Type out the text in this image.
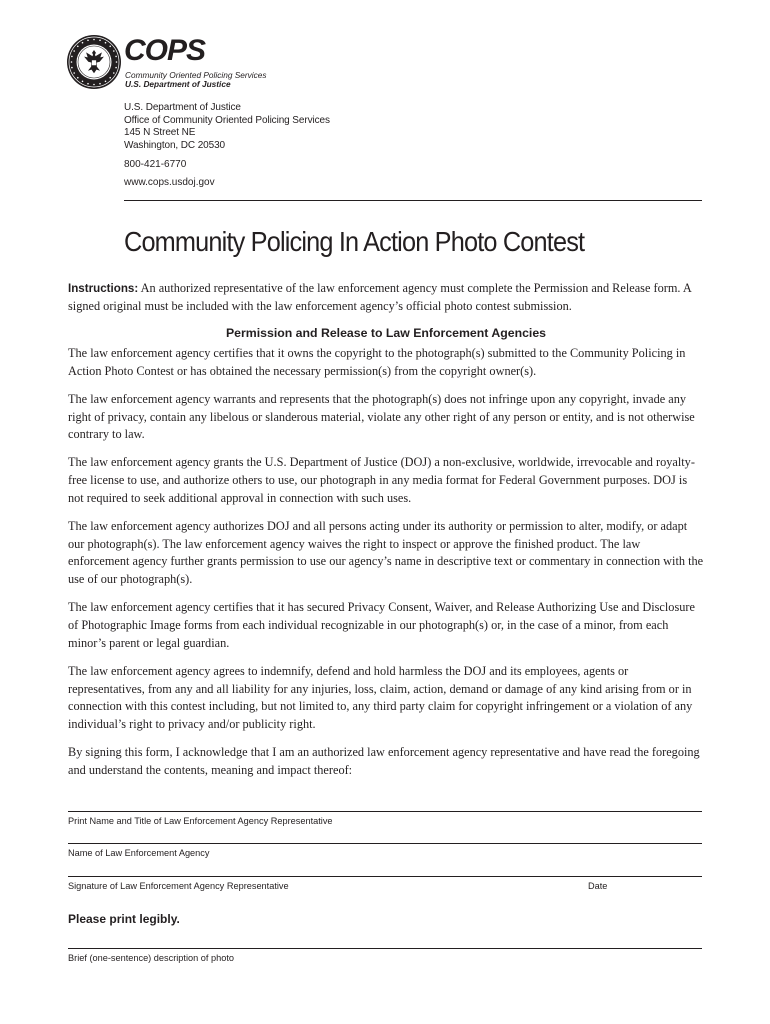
COPS
Community Oriented Policing Services
U.S. Department of Justice
U.S. Department of Justice
Office of Community Oriented Policing Services
145 N Street NE
Washington, DC 20530
800-421-6770
www.cops.usdoj.gov
Community Policing In Action Photo Contest

Instructions: An authorized representative of the law enforcement agency must complete the Permission and Release form. A signed original must be included with the law enforcement agency’s official photo contest submission.

Permission and Release to Law Enforcement Agencies

The law enforcement agency certifies that it owns the copyright to the photograph(s) submitted to the Community Policing in Action Photo Contest or has obtained the necessary permission(s) from the copyright owner(s).

The law enforcement agency warrants and represents that the photograph(s) does not infringe upon any copyright, invade any right of privacy, contain any libelous or slanderous material, violate any other right of any person or entity, and is not otherwise contrary to law.

The law enforcement agency grants the U.S. Department of Justice (DOJ) a non-exclusive, worldwide, irrevocable and royalty-free license to use, and authorize others to use, our photograph in any media format for Federal Government purposes. DOJ is not required to seek additional approval in connection with such uses.

The law enforcement agency authorizes DOJ and all persons acting under its authority or permission to alter, modify, or adapt our photograph(s). The law enforcement agency waives the right to inspect or approve the finished product. The law enforcement agency further grants permission to use our agency’s name in descriptive text or commentary in connection with the use of our photograph(s).

The law enforcement agency certifies that it has secured Privacy Consent, Waiver, and Release Authorizing Use and Disclosure of Photographic Image forms from each individual recognizable in our photograph(s) or, in the case of a minor, from each minor’s parent or legal guardian.

The law enforcement agency agrees to indemnify, defend and hold harmless the DOJ and its employees, agents or representatives, from any and all liability for any injuries, loss, claim, action, demand or damage of any kind arising from or in connection with this contest including, but not limited to, any third party claim for copyright infringement or a violation of any individual’s right to privacy and/or publicity right.

By signing this form, I acknowledge that I am an authorized law enforcement agency representative and have read the foregoing and understand the contents, meaning and impact thereof:

Print Name and Title of Law Enforcement Agency Representative
Name of Law Enforcement Agency
Signature of Law Enforcement Agency Representative	Date
Please print legibly.
Brief (one-sentence) description of photo
